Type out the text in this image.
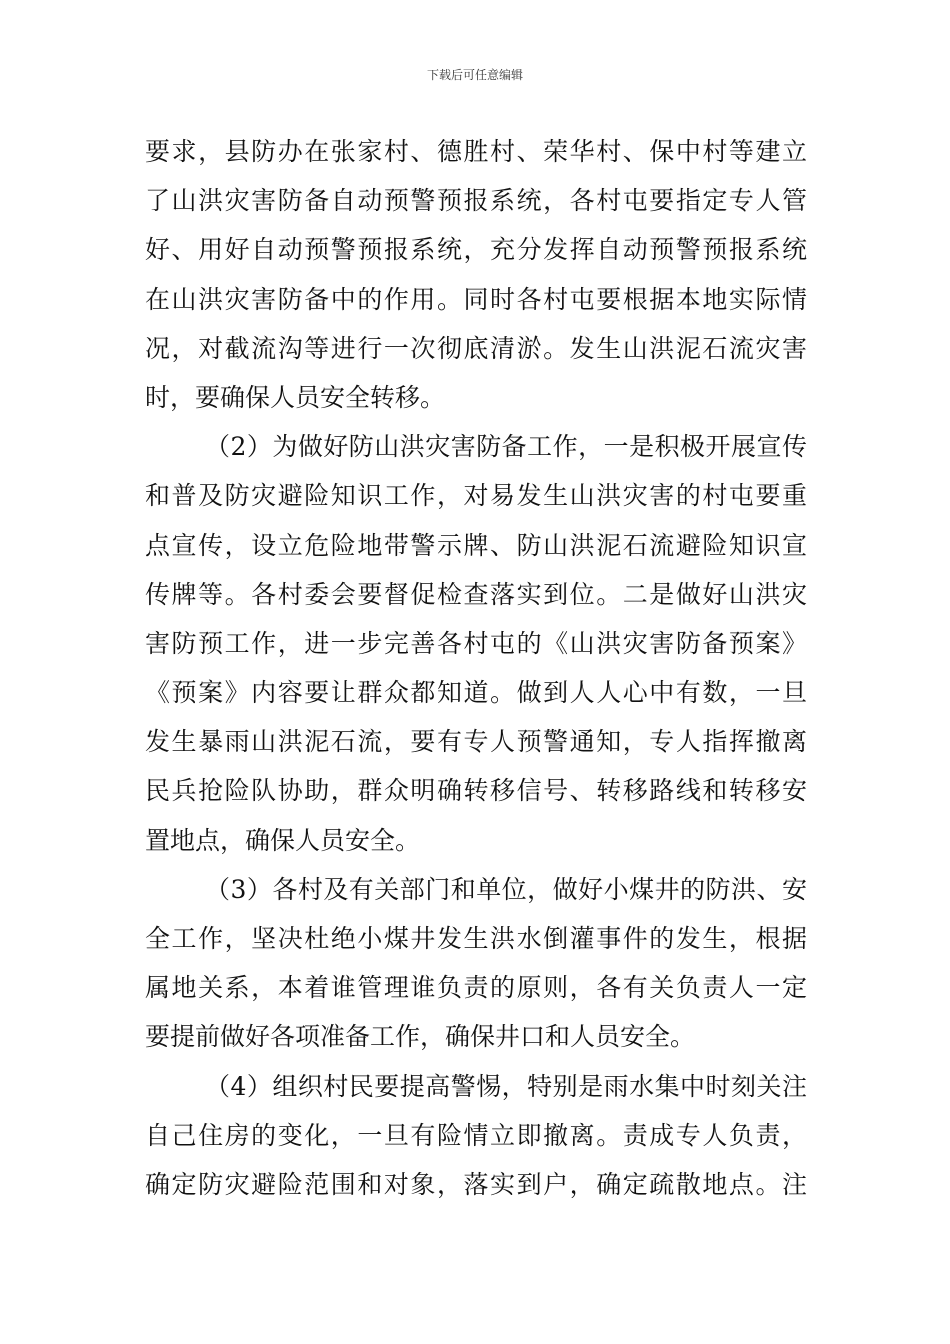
下载后可任意编辑
要求，县防办在张家村、德胜村、荣华村、保中村等建立
了山洪灾害防备自动预警预报系统，各村屯要指定专人管
好、用好自动预警预报系统，充分发挥自动预警预报系统
在山洪灾害防备中的作用。同时各村屯要根据本地实际情
况，对截流沟等进行一次彻底清淤。发生山洪泥石流灾害
时，要确保人员安全转移。
（2）为做好防山洪灾害防备工作，一是积极开展宣传
和普及防灾避险知识工作，对易发生山洪灾害的村屯要重
点宣传，设立危险地带警示牌、防山洪泥石流避险知识宣
传牌等。各村委会要督促检查落实到位。二是做好山洪灾
害防预工作，进一步完善各村屯的《山洪灾害防备预案》
《预案》内容要让群众都知道。做到人人心中有数，一旦
发生暴雨山洪泥石流，要有专人预警通知，专人指挥撤离
民兵抢险队协助，群众明确转移信号、转移路线和转移安
置地点，确保人员安全。
（3）各村及有关部门和单位，做好小煤井的防洪、安
全工作，坚决杜绝小煤井发生洪水倒灌事件的发生，根据
属地关系，本着谁管理谁负责的原则，各有关负责人一定
要提前做好各项准备工作，确保井口和人员安全。
（4）组织村民要提高警惕，特别是雨水集中时刻关注
自己住房的变化，一旦有险情立即撤离。责成专人负责，
确定防灾避险范围和对象，落实到户，确定疏散地点。注
